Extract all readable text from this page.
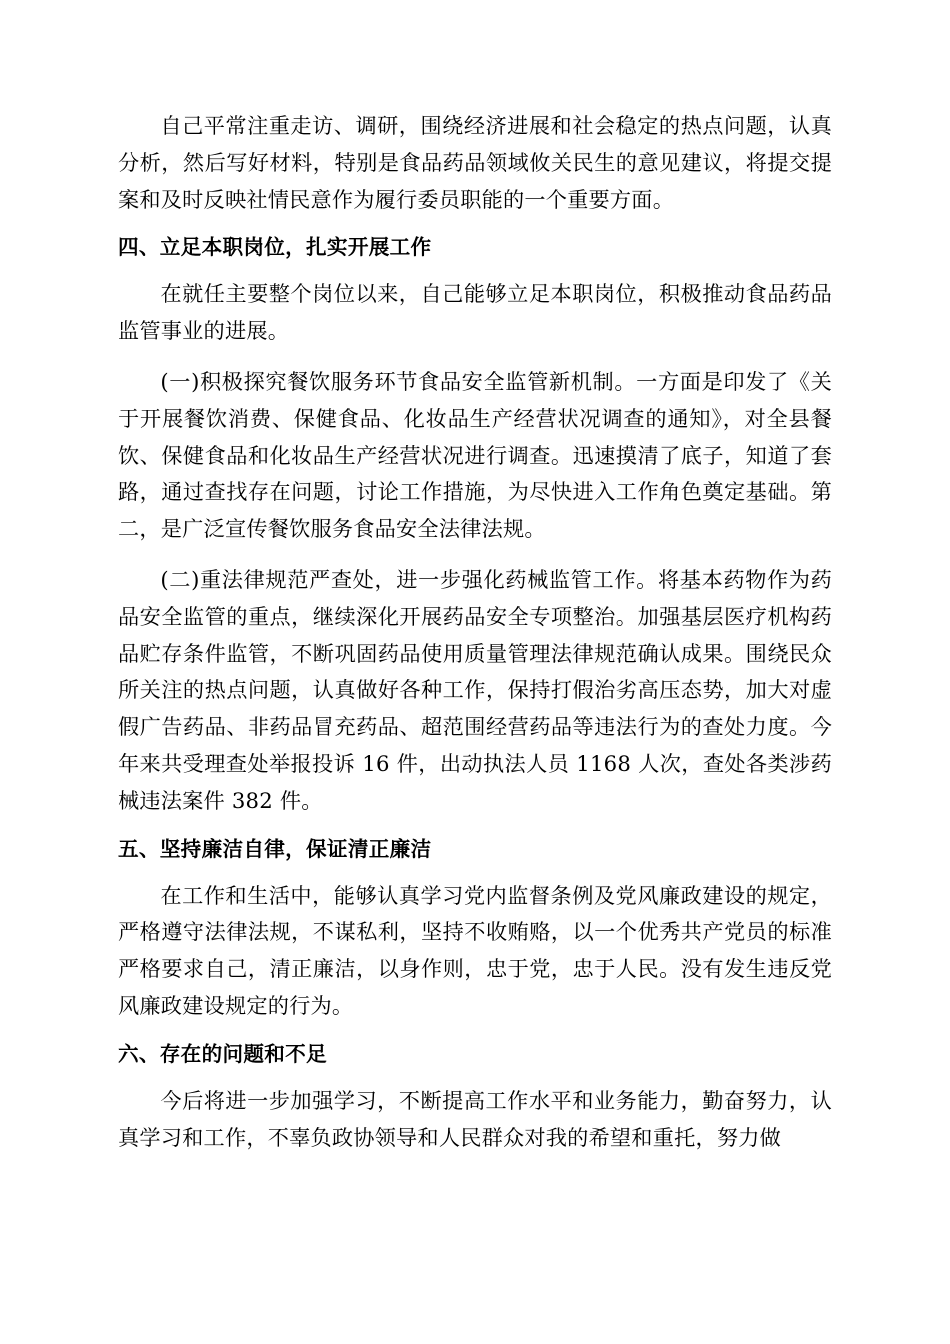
自己平常注重走访、调研，围绕经济进展和社会稳定的热点问题，认真分析，然后写好材料，特别是食品药品领域攸关民生的意见建议，将提交提案和及时反映社情民意作为履行委员职能的一个重要方面。

四、立足本职岗位，扎实开展工作

在就任主要整个岗位以来，自己能够立足本职岗位，积极推动食品药品监管事业的进展。

(一)积极探究餐饮服务环节食品安全监管新机制。一方面是印发了《关于开展餐饮消费、保健食品、化妆品生产经营状况调查的通知》，对全县餐饮、保健食品和化妆品生产经营状况进行调查。迅速摸清了底子，知道了套路，通过查找存在问题，讨论工作措施，为尽快进入工作角色奠定基础。第二，是广泛宣传餐饮服务食品安全法律法规。

(二)重法律规范严查处，进一步强化药械监管工作。将基本药物作为药品安全监管的重点，继续深化开展药品安全专项整治。加强基层医疗机构药品贮存条件监管，不断巩固药品使用质量管理法律规范确认成果。围绕民众所关注的热点问题，认真做好各种工作，保持打假治劣高压态势，加大对虚假广告药品、非药品冒充药品、超范围经营药品等违法行为的查处力度。今年来共受理查处举报投诉 16 件，出动执法人员 1168 人次，查处各类涉药械违法案件 382 件。

五、坚持廉洁自律，保证清正廉洁

在工作和生活中，能够认真学习党内监督条例及党风廉政建设的规定，严格遵守法律法规，不谋私利，坚持不收贿赂，以一个优秀共产党员的标准严格要求自己，清正廉洁，以身作则，忠于党，忠于人民。没有发生违反党风廉政建设规定的行为。

六、存在的问题和不足

今后将进一步加强学习，不断提高工作水平和业务能力，勤奋努力，认真学习和工作，不辜负政协领导和人民群众对我的希望和重托，努力做
